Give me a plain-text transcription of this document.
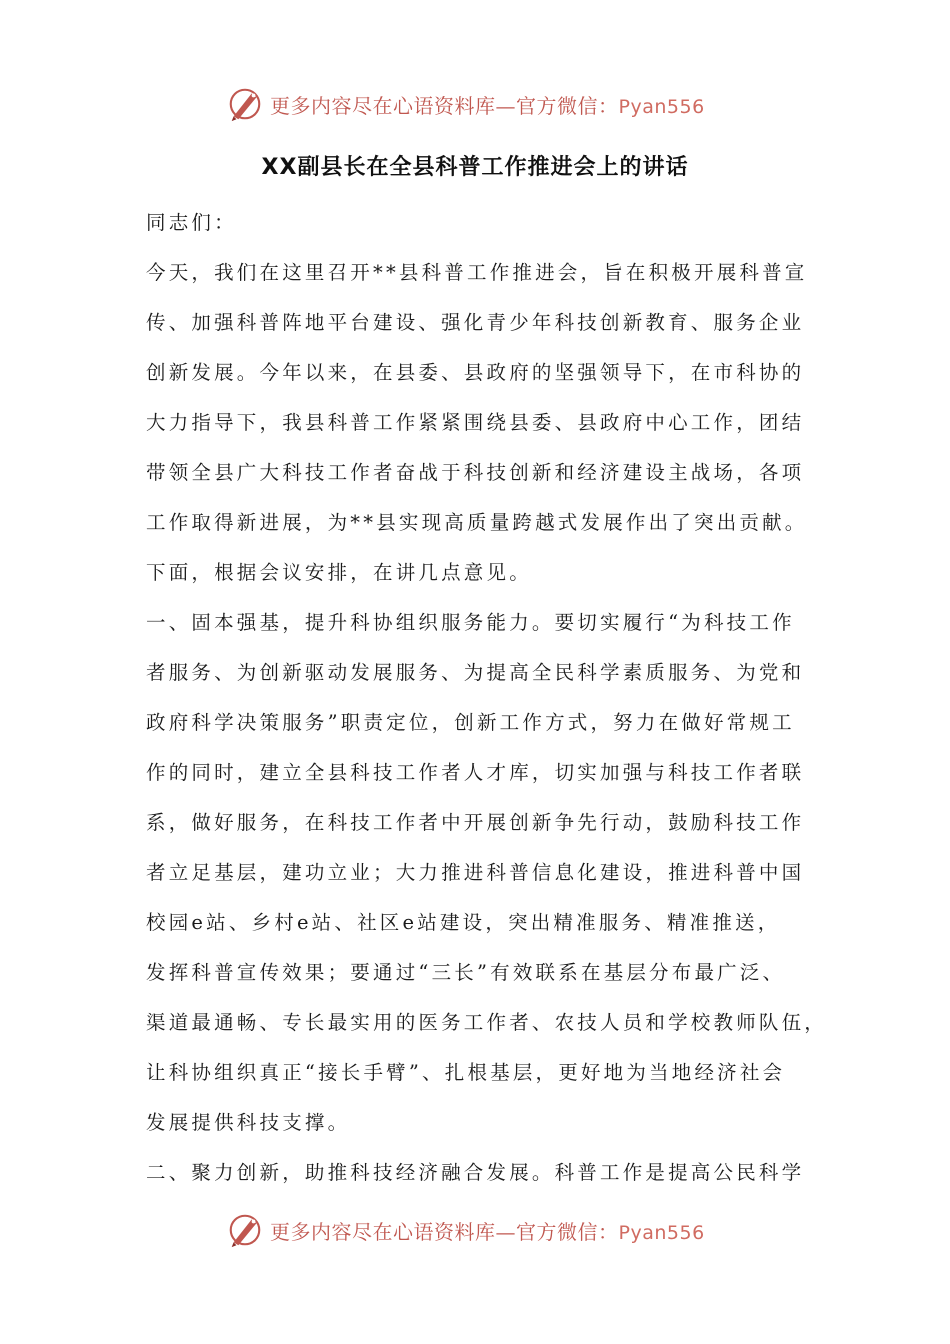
更多内容尽在心语资料库—官方微信：Pyan556
XX副县长在全县科普工作推进会上的讲话
同志们：
今天，我们在这里召开**县科普工作推进会，旨在积极开展科普宣
传、加强科普阵地平台建设、强化青少年科技创新教育、服务企业
创新发展。今年以来，在县委、县政府的坚强领导下，在市科协的
大力指导下，我县科普工作紧紧围绕县委、县政府中心工作，团结
带领全县广大科技工作者奋战于科技创新和经济建设主战场，各项
工作取得新进展，为**县实现高质量跨越式发展作出了突出贡献。
下面，根据会议安排，在讲几点意见。
一、固本强基，提升科协组织服务能力。要切实履行“为科技工作
者服务、为创新驱动发展服务、为提高全民科学素质服务、为党和
政府科学决策服务”职责定位，创新工作方式，努力在做好常规工
作的同时，建立全县科技工作者人才库，切实加强与科技工作者联
系，做好服务，在科技工作者中开展创新争先行动，鼓励科技工作
者立足基层，建功立业；大力推进科普信息化建设，推进科普中国
校园e站、乡村e站、社区e站建设，突出精准服务、精准推送，
发挥科普宣传效果；要通过“三长”有效联系在基层分布最广泛、
渠道最通畅、专长最实用的医务工作者、农技人员和学校教师队伍，
让科协组织真正“接长手臂”、扎根基层，更好地为当地经济社会
发展提供科技支撑。
二、聚力创新，助推科技经济融合发展。科普工作是提高公民科学
更多内容尽在心语资料库—官方微信：Pyan556
